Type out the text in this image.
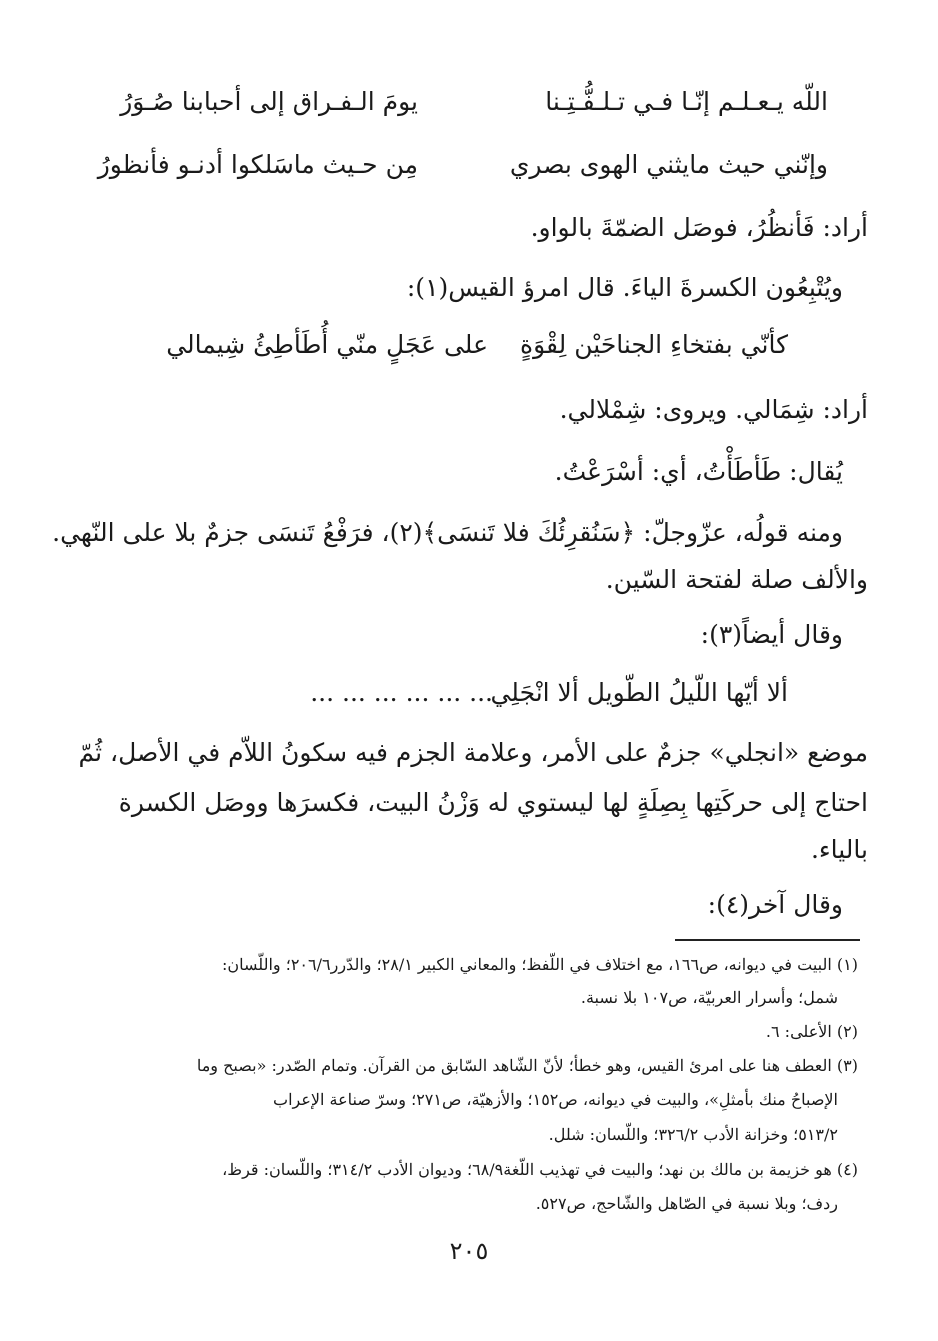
اللّه يـعـلـم إنّـا فـي تـلـفُّـتِـنا
يومَ الـفـراق إلى أحبابنا صُـوَرُ
وإنّني حيث مايثني الهوى بصري
مِن حـيث ماسَلكوا أدنـو فأنظورُ
أراد: فَأنظُرُ، فوصَل الضمّةَ بالواو.
ويُتْبِعُون الكسرةَ الياءَ. قال امرؤ القيس(١):
كأنّي بفتخاءِ الجناحَيْن لِقْوَةٍ
على عَجَلٍ منّي أُطَأطِئُ شِيمالي
أراد: شِمَالي. ويروى: شِمْلالي.
يُقال: طَأطَأْتُ، أي: أسْرَعْتُ.
ومنه قولُه، عزّوجلّ: ﴿سَنُقرِئُكَ فلا تَنسَى﴾(٢)، فرَفْعُ تَنسَى جزمٌ بلا على النّهي.
والألف صلة لفتحة السّين.
وقال أيضاً(٣):
ألا أيّها اللّيلُ الطّويل ألا انْجَلِي
... ... ... ... ... ...
موضع «انجلي» جزمٌ على الأمر، وعلامة الجزم فيه سكونُ اللاّم في الأصل، ثُمّ
احتاج إلى حركَتِها بِصِلَةٍ لها ليستوي له وَزْنُ البيت، فكسرَها ووصَل الكسرة
بالياء.
وقال آخر(٤):
(١) البيت في ديوانه، ص١٦٦، مع اختلاف في اللّفظ؛ والمعاني الكبير ٢٨/١؛ والدّرر٢٠٦/٦؛ واللّسان:
شمل؛ وأسرار العربيّة، ص١٠٧ بلا نسبة.
(٢) الأعلى: ٦.
(٣) العطف هنا على امرئ القيس، وهو خطأ؛ لأنّ الشّاهد السّابق من القرآن. وتمام الصّدر: «بصبح وما
الإصباحُ منك بأمثلِ»، والبيت في ديوانه، ص١٥٢؛ والأزهيّة، ص٢٧١؛ وسرّ صناعة الإعراب
٥١٣/٢؛ وخزانة الأدب ٣٢٦/٢؛ واللّسان: شلل.
(٤) هو خزيمة بن مالك بن نهد؛ والبيت في تهذيب اللّغة٦٨/٩؛ وديوان الأدب ٣١٤/٢؛ واللّسان: قرظ،
ردف؛ وبلا نسبة في الصّاهل والشّاحج، ص٥٢٧.
٢٠٥
